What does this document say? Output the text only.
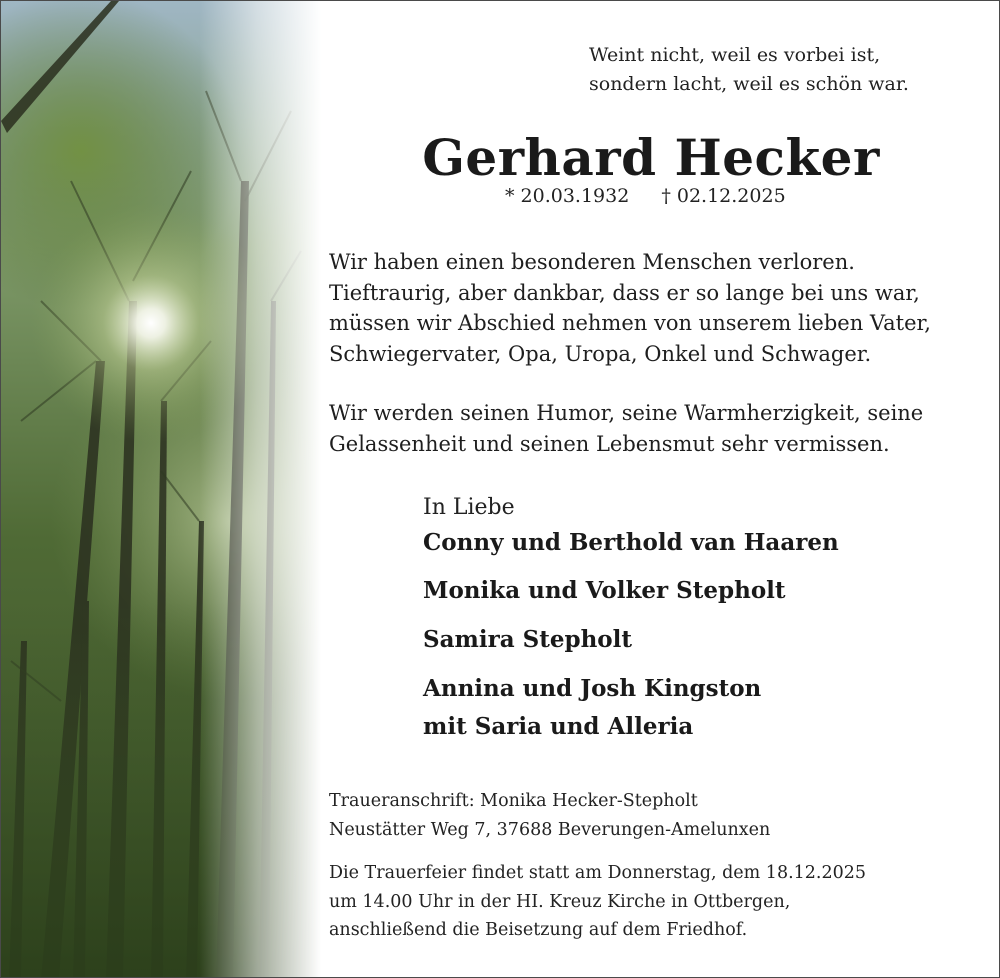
Weint nicht, weil es vorbei ist,
sondern lacht, weil es schön war.
Gerhard Hecker
* 20.03.1932 † 02.12.2025
Wir haben einen besonderen Menschen verloren.
Tieftraurig, aber dankbar, dass er so lange bei uns war,
müssen wir Abschied nehmen von unserem lieben Vater,
Schwiegervater, Opa, Uropa, Onkel und Schwager.
Wir werden seinen Humor, seine Warmherzigkeit, seine
Gelassenheit und seinen Lebensmut sehr vermissen.
In Liebe
Conny und Berthold van Haaren
Monika und Volker Stepholt
Samira Stepholt
Annina und Josh Kingston
mit Saria und Alleria
Traueranschrift: Monika Hecker-Stepholt
Neustätter Weg 7, 37688 Beverungen-Amelunxen
Die Trauerfeier findet statt am Donnerstag, dem 18.12.2025
um 14.00 Uhr in der HI. Kreuz Kirche in Ottbergen,
anschließend die Beisetzung auf dem Friedhof.
